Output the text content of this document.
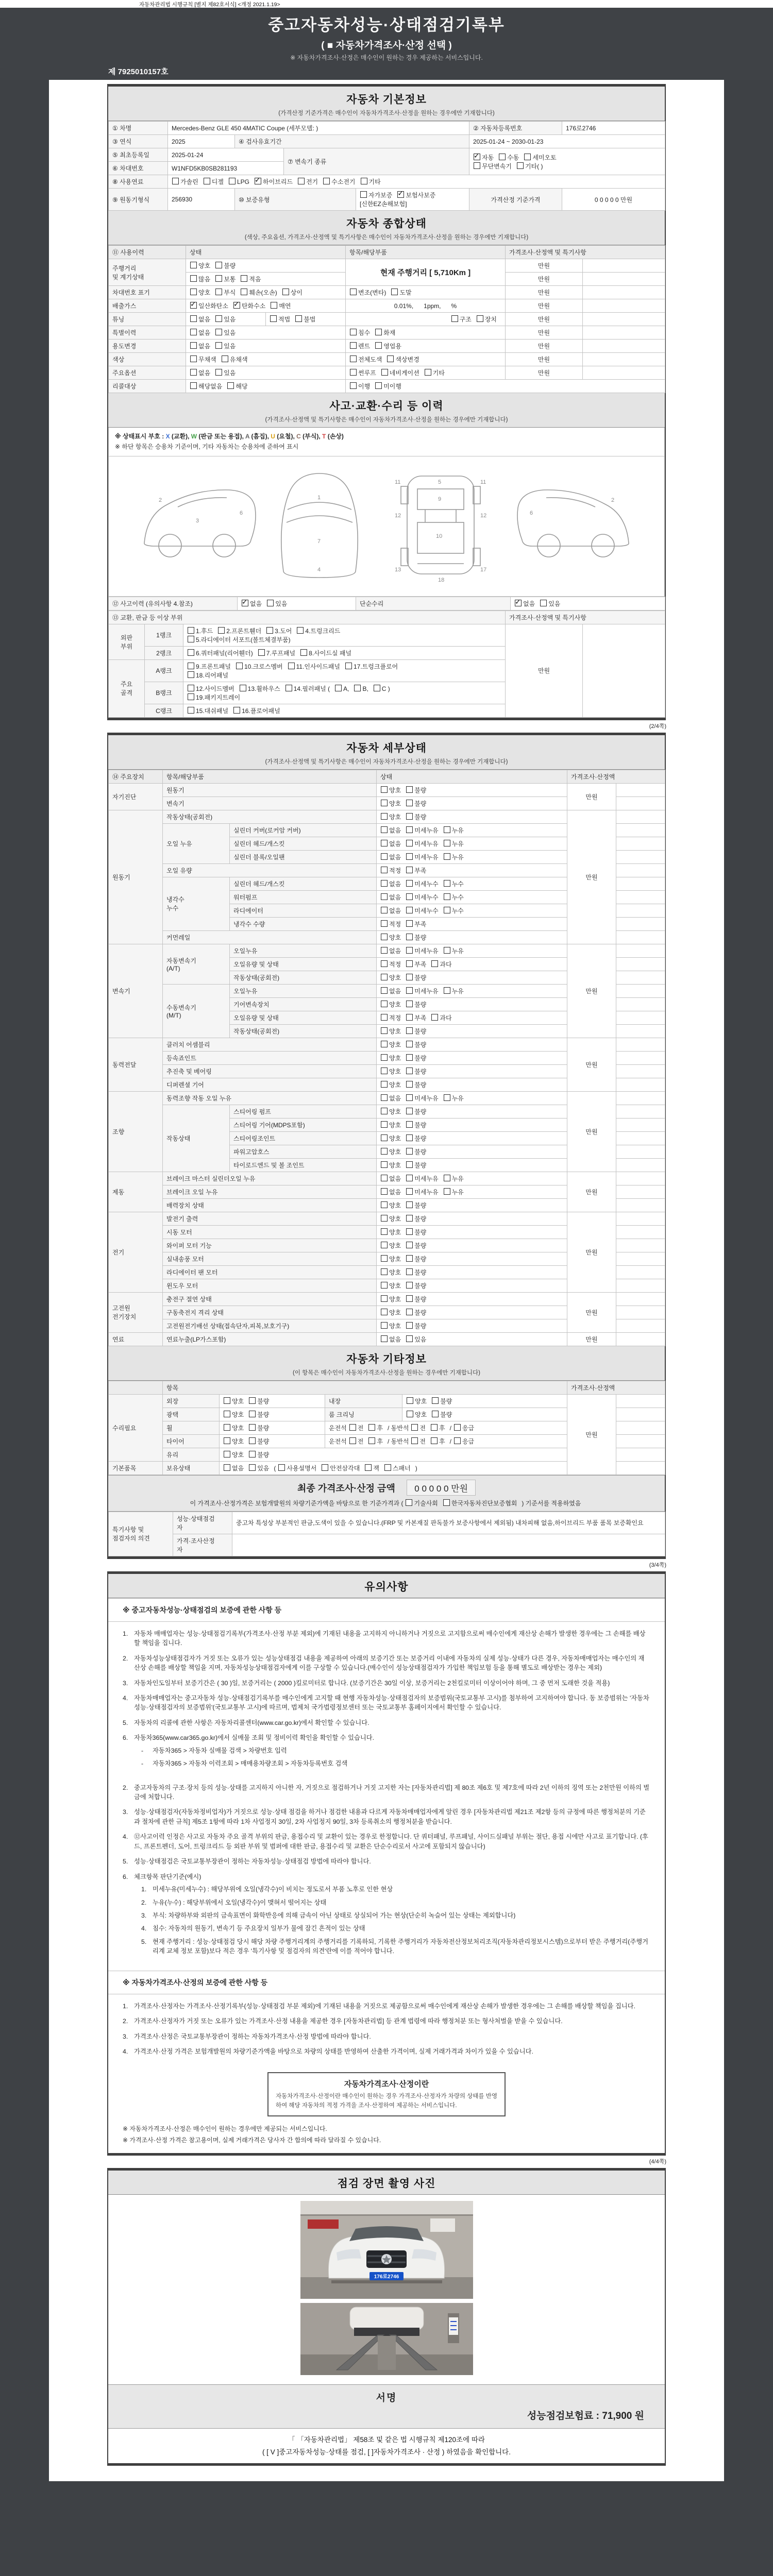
자동차관리법 시행규칙 [별지 제82호서식] <개정 2021.1.19>
중고자동차성능·상태점검기록부
( ■ 자동차가격조사·산정 선택 )
※ 자동차가격조사·산정은 매수인이 원하는 경우 제공하는 서비스입니다.
제 7925010157호
자동차 기본정보
(가격산정 기준가격은 매수인이 자동차가격조사·산정을 원하는 경우에만 기재합니다)
① 차명	Mercedes-Benz GLE 450 4MATIC Coupe (세부모델: )				② 자동차등록번호	176로2746
③ 연식	2025	④ 검사유효기간			2025-01-24 ~ 2030-01-23	
⑤ 최초등록일	2025-01-24		⑦ 변속기 종류	✓자동 수동 세미오토
무단변속기 기타( )
⑥ 차대번호	W1NFD5KB0SB281193					
⑧ 사용연료	가솔린 디젤 LPG ✓ 하이브리드 전기 수소전기 기타
⑨ 원동기형식	256930	⑩ 보증유형		자가보증 ✓ 보험사보증[신한EZ손해보험]	가격산정 기준가격	0 0 0 0 0 만원
자동차 종합상태
(색상, 주요옵션, 가격조사·산정액 및 특기사항은 매수인이 자동차가격조사·산정을 원하는 경우에만 기재합니다)
⑪ 사용이력	상태		항목/해당부품	가격조사·산정액 및 특기사항	
주행거리
및 계기상태	양호 불량		현재 주행거리 [ 5,710Km ]	만원	
	많음 보통 적음			만원	
차대번호 표기	양호 부식 훼손(오손) 상이		변조(변타) 도말	만원	
배출가스	✓일산화탄소 ✓ 탄화수소 매연		0.01%,      1ppm,      %	만원	
튜닝	없음 있음	적법 불법	구조 장치	만원	
특별이력	없음 있음		침수 화재	만원	
용도변경	없음 있음		렌트 영업용	만원	
색상	무채색 유채색		전체도색 색상변경	만원	
주요옵션	없음 있음		썬루프 네비게이션 기타	만원	
리콜대상	해당없음 해당		이행 미이행		
사고·교환·수리 등 이력
(가격조사·산정액 및 특기사항은 매수인이 자동차가격조사·산정을 원하는 경우에만 기재합니다)
※ 상태표시 부호 : X (교환), W (판금 또는 용접), A (흠집), U (요철), C (부식), T (손상)
※ 하단 항목은 승용차 기준이며, 기타 자동차는 승용차에 준하여 표시
2
3
6
1
7
4
11	11
12	12
5
9
10
18
13	17
2
6
⑫ 사고이력 (유의사항 4.참조)	✓없음 있음	단순수리	✓없음 있음
⑬ 교환, 판금 등 이상 부위			가격조사·산정액 및 특기사항	
외판
부위	1랭크	1.후드 2.프론트휀더 3.도어 4.트렁크리드
5.라디에이터 서포트(볼트체결부품)	만원	
	2랭크	6.쿼터패널(리어휀더) 7.루프패널 8.사이드실 패널		
주요
골격	A랭크	9.프론트패널 10.크로스멤버 11.인사이드패널 17.트렁크플로어
18.리어패널		
	B랭크	12.사이드멤버 13.휠하우스 14.필러패널 ( A, B, C )
19.패키지트레이		
	C랭크	15.대쉬패널 16.플로어패널		
(2/4쪽)
자동차 세부상태
(가격조사·산정액 및 특기사항은 매수인이 자동차가격조사·산정을 원하는 경우에만 기재합니다)
⑭ 주요장치	항목/해당부품		상태	가격조사·산정액	
자기진단	원동기		양호 불량	만원	
	변속기		양호 불량		
원동기	작동상태(공회전)		양호 불량	만원	
	오일 누유	실린더 커버(로커암 커버)	없음 미세누유 누유		
		실린더 헤드/개스킷	없음 미세누유 누유		
		실린더 블록/오일팬	없음 미세누유 누유		
	오일 유량		적정 부족		
	냉각수
누수	실린더 헤드/개스킷	없음 미세누수 누수		
		워터펌프	없음 미세누수 누수		
		라디에이터	없음 미세누수 누수		
		냉각수 수량	적정 부족		
	커먼레일		양호 불량		
변속기	자동변속기
(A/T)	오일누유	없음 미세누유 누유	만원	
		오일유량 및 상태	적정 부족 과다		
		작동상태(공회전)	양호 불량		
	수동변속기
(M/T)	오일누유	없음 미세누유 누유		
		기어변속장치	양호 불량		
		오일유량 및 상태	적정 부족 과다		
		작동상태(공회전)	양호 불량		
동력전달	클러치 어셈블리		양호 불량	만원	
	등속죠인트		양호 불량		
	추진축 및 베어링		양호 불량		
	디퍼렌셜 기어		양호 불량		
조향	동력조향 작동 오일 누유		없음 미세누유 누유	만원	
	작동상태	스티어링 펌프	양호 불량		
		스티어링 기어(MDPS포함)	양호 불량		
		스티어링조인트	양호 불량		
		파워고압호스	양호 불량		
		타이로드엔드 및 볼 조인트	양호 불량		
제동	브레이크 마스터 실린더오일 누유		없음 미세누유 누유	만원	
	브레이크 오일 누유		없음 미세누유 누유		
	배력장치 상태		양호 불량		
전기	발전기 출력		양호 불량	만원	
	시동 모터		양호 불량		
	와이퍼 모터 기능		양호 불량		
	실내송풍 모터		양호 불량		
	라디에이터 팬 모터		양호 불량		
	윈도우 모터		양호 불량		
고전원
전기장치	충전구 절연 상태		양호 불량	만원	
	구동축전지 격리 상태		양호 불량		
	고전원전기배선 상태(접속단자,피복,보호기구)		양호 불량		
연료	연료누출(LP가스포함)		없음 있음	만원	
자동차 기타정보
(이 항목은 매수인이 자동차가격조사·산정을 원하는 경우에만 기재합니다)
	항목				가격조사·산정액	
수리필요	외장	양호 불량	내장	양호 불량	만원	
	광택	양호 불량	룸 크리닝	양호 불량		
	휠	양호 불량	운전석 전 후 / 동반석 전 후 / 응급			
	타이어	양호 불량	운전석 전 후 / 동반석 전 후 / 응급			
	유리	양호 불량				
기본품목	보유상태	없음 있음 ( 사용설명서 안전삼각대 잭 스패너 )				
최종 가격조사·산정 금액 0 0 0 0 0 만원
이 가격조사·산정가격은 보험개발원의 차량기준가액을 바탕으로 한 기준가격과 ( 기술사회 한국자동차진단보증협회 ) 기준서를 적용하였음
특기사항 및
점검자의 의견	성능·상태점검
자	중고차 특성상 부분적인 판금,도색이 있을 수 있습니다.(FRP 및 카본재질 판독불가 보증사항에서 제외됨) 내차피해 없음,하이브리드 부품 품목 보증확인요
	가격·조사산정
자	
(3/4쪽)
유의사항
※ 중고자동차성능·상태점검의 보증에 관한 사항 등
1. 자동차 매매업자는 성능·상태점검기록부(가격조사·산정 부분 제외)에 기재된 내용을 고지하지 아니하거나 거짓으로 고지함으로써 매수인에게 재산상 손해가 발생한 경우에는 그 손해를 배상할 책임을 집니다.
2. 자동차성능상태점검자가 거짓 또는 오류가 있는 성능상태점검 내용을 제공하여 아래의 보증기간 또는 보증거리 이내에 자동차의 실제 성능·상태가 다른 경우, 자동차매매업자는 매수인의 재산상 손해를 배상할 책임을 지며, 자동차성능상태점검자에게 이를 구상할 수 있습니다.(매수인이 성능상태점검자가 가입한 책임보험 등을 통해 별도로 배상받는 경우는 제외)
3. 자동차인도일부터 보증기간은 ( 30 )일, 보증거리는 ( 2000 )킬로미터로 합니다. (보증기간은 30일 이상, 보증거리는 2천킬로미터 이상이어야 하며, 그 중 먼저 도래한 것을 적용)
4. 자동차매매업자는 중고자동차 성능·상태점검기록부를 매수인에게 고지할 때 현행 자동차성능·상태점검자의 보증범위(국토교통부 고시)를 첨부하여 고지하여야 합니다. 동 보증범위는 '자동차성능·상태점검자의 보증범위'(국토교통부 고시)에 따르며, 법제처 국가법령정보센터 또는 국토교통부 홈페이지에서 확인할 수 있습니다.
5. 자동차의 리콜에 관한 사항은 자동차리콜센터(www.car.go.kr)에서 확인할 수 있습니다.
6. 자동차365(www.car365.go.kr)에서 실매물 조회 및 정비이력 확인을 확인할 수 있습니다.
-	자동차365 > 자동차 실매물 검색 > 차량번호 입력
-	자동차365 > 자동차 이력조회 > 매매용차량조회 > 자동차등록번호 검색
2. 중고자동차의 구조·장치 등의 성능·상태를 고지하지 아니한 자, 거짓으로 점검하거나 거짓 고지한 자는 [자동차관리법] 제 80조 제6호 및 제7호에 따라 2년 이하의 징역 또는 2천만원 이하의 벌금에 처합니다.
3. 성능·상태점검자(자동차정비업자)가 거짓으로 성능·상태 점검을 하거나 점검한 내용과 다르게 자동차매매업자에게 알린 경우 [자동차관리법 제21조 제2항 등의 규정에 따른 행정처분의 기준과 절차에 관한 규칙] 제5조 1항에 따라 1차 사업정지 30일, 2차 사업정지 90일, 3차 등록취소의 행정처분을 받습니다.
4. ⑫사고이력 인정은 사고로 자동차 주요 골격 부위의 판금, 용접수리 및 교환이 있는 경우로 한정합니다. 단 쿼터패널, 루프패널, 사이드실패널 부위는 절단, 용접 시에만 사고로 표기합니다. (후드, 프론트펜더, 도어, 트렁크리드 등 외판 부위 및 범퍼에 대한 판금, 용접수리 및 교환은 단순수리로서 사고에 포함되지 않습니다)
5. 성능·상태점검은 국토교통부장관이 정하는 자동차성능·상태점검 방법에 따라야 합니다.
6. 체크항목 판단기준(예시)
1. 미세누유(미세누수) : 해당부위에 오일(냉각수)이 비치는 정도로서 부품 노후로 인한 현상
2. 누유(누수) : 해당부위에서 오일(냉각수)이 맺혀서 떨어지는 상태
3. 부식: 차량하부와 외판의 금속표면이 화학반응에 의해 금속이 아닌 상태로 상실되어 가는 현상(단순히 녹슬어 있는 상태는 제외합니다)
4. 침수: 자동차의 원동기, 변속기 등 주요장치 일부가 물에 잠긴 흔적이 있는 상태
5. 현재 주행거리 : 성능·상태점검 당시 해당 차량 주행거리계의 주행거리를 기록하되, 기록한 주행거리가 자동차전산정보처리조직(자동차관리정보시스템)으로부터 받은 주행거리(주행거리계 교체 정보 포함)보다 적은 경우 '특기사항 및 점검자의 의견'란에 이를 적어야 합니다.
※ 자동차가격조사·산정의 보증에 관한 사항 등
1. 가격조사·산정자는 가격조사·산정기록부(성능·상태점검 부분 제외)에 기재된 내용을 거짓으로 제공함으로써 매수인에게 재산상 손해가 발생한 경우에는 그 손해를 배상할 책임을 집니다.
2. 가격조사·산정자가 거짓 또는 오류가 있는 가격조사·산정 내용을 제공한 경우 [자동차관리법] 등 관계 법령에 따라 행정처분 또는 형사처벌을 받을 수 있습니다.
3. 가격조사·산정은 국토교통부장관이 정하는 자동차가격조사·산정 방법에 따라야 합니다.
4. 가격조사·산정 가격은 보험개발원의 차량기준가액을 바탕으로 차량의 상태를 반영하여 산출한 가격이며, 실제 거래가격과 차이가 있을 수 있습니다.
자동차가격조사·산정이란
자동차가격조사·산정이란 매수인이 원하는 경우 가격조사·산정자가 차량의 상태를 반영하여 해당 자동차의 적정 가격을 조사·산정하여 제공하는 서비스입니다.
※ 자동차가격조사·산정은 매수인이 원하는 경우에만 제공되는 서비스입니다.
※ 가격조사·산정 가격은 참고용이며, 실제 거래가격은 당사자 간 합의에 따라 달라질 수 있습니다.
(4/4쪽)
점검 장면 촬영 사진
176로2746
서명
성능점검보험료 : 71,900 원
「 「자동차관리법」 제58조 및 같은 법 시행규칙 제120조에 따라
( [ V ]중고자동차성능·상태를 점검, [ ]자동차가격조사 · 산정 ) 하였음을 확인합니다.
